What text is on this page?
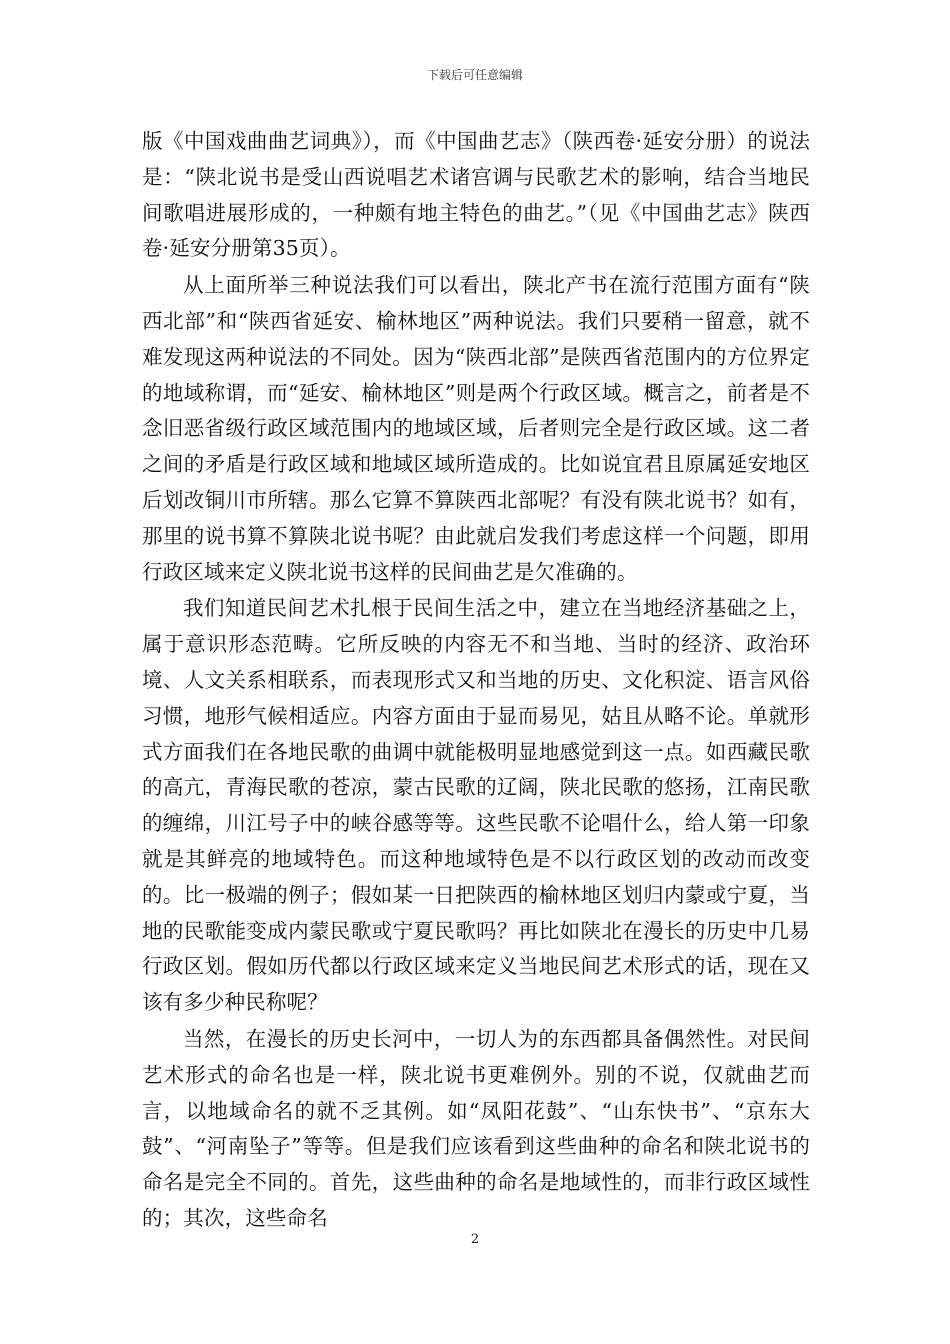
下载后可任意编辑

版《中国戏曲曲艺词典》），而《中国曲艺志》（陕西卷·延安分册）的说法是：“陕北说书是受山西说唱艺术诸宫调与民歌艺术的影响，结合当地民间歌唱进展形成的，一种颇有地主特色的曲艺。”（见《中国曲艺志》陕西卷·延安分册第35页）。

从上面所举三种说法我们可以看出，陕北产书在流行范围方面有“陕西北部”和“陕西省延安、榆林地区”两种说法。我们只要稍一留意，就不难发现这两种说法的不同处。因为“陕西北部”是陕西省范围内的方位界定的地域称谓，而“延安、榆林地区”则是两个行政区域。概言之，前者是不念旧恶省级行政区域范围内的地域区域，后者则完全是行政区域。这二者之间的矛盾是行政区域和地域区域所造成的。比如说宜君且原属延安地区后划改铜川市所辖。那么它算不算陕西北部呢？有没有陕北说书？如有，那里的说书算不算陕北说书呢？由此就启发我们考虑这样一个问题，即用行政区域来定义陕北说书这样的民间曲艺是欠准确的。

我们知道民间艺术扎根于民间生活之中，建立在当地经济基础之上，属于意识形态范畴。它所反映的内容无不和当地、当时的经济、政治环境、人文关系相联系，而表现形式又和当地的历史、文化积淀、语言风俗习惯，地形气候相适应。内容方面由于显而易见，姑且从略不论。单就形式方面我们在各地民歌的曲调中就能极明显地感觉到这一点。如西藏民歌的高亢，青海民歌的苍凉，蒙古民歌的辽阔，陕北民歌的悠扬，江南民歌的缠绵，川江号子中的峡谷感等等。这些民歌不论唱什么，给人第一印象就是其鲜亮的地域特色。而这种地域特色是不以行政区划的改动而改变的。比一极端的例子；假如某一日把陕西的榆林地区划归内蒙或宁夏，当地的民歌能变成内蒙民歌或宁夏民歌吗？再比如陕北在漫长的历史中几易行政区划。假如历代都以行政区域来定义当地民间艺术形式的话，现在又该有多少种民称呢？

当然，在漫长的历史长河中，一切人为的东西都具备偶然性。对民间艺术形式的命名也是一样，陕北说书更难例外。别的不说，仅就曲艺而言，以地域命名的就不乏其例。如“凤阳花鼓”、“山东快书”、“京东大鼓”、“河南坠子”等等。但是我们应该看到这些曲种的命名和陕北说书的命名是完全不同的。首先，这些曲种的命名是地域性的，而非行政区域性的；其次，这些命名

2
